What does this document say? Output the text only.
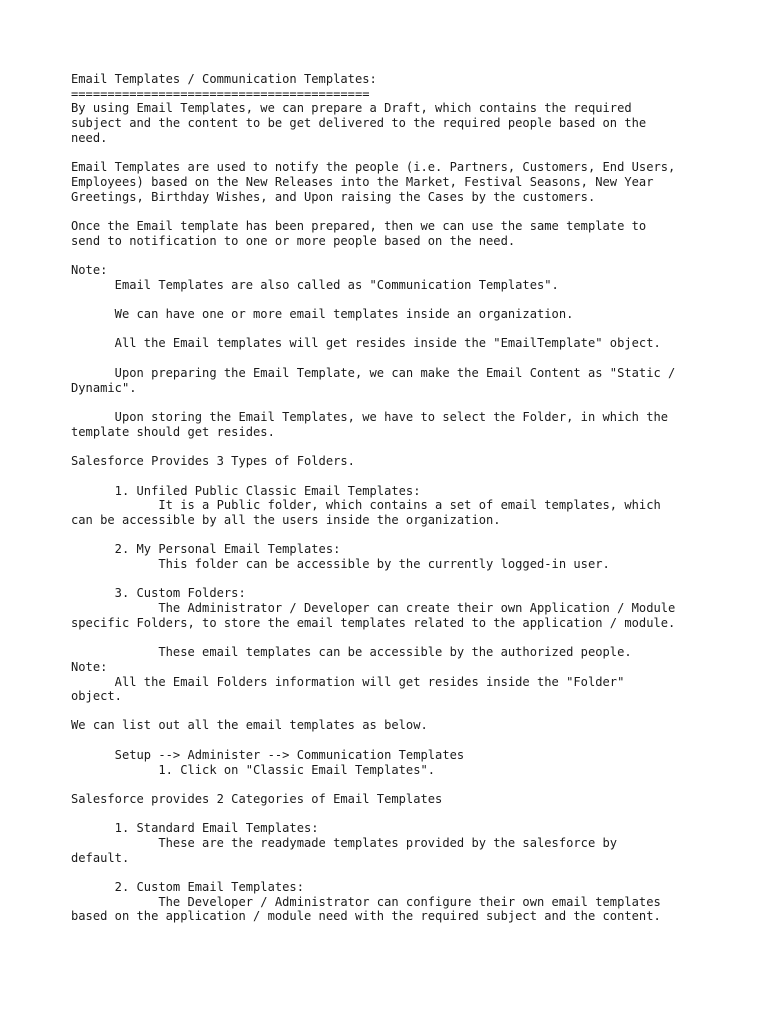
Email Templates / Communication Templates:
=========================================
By using Email Templates, we can prepare a Draft, which contains the required
subject and the content to be get delivered to the required people based on the
need.
Email Templates are used to notify the people (i.e. Partners, Customers, End Users,
Employees) based on the New Releases into the Market, Festival Seasons, New Year
Greetings, Birthday Wishes, and Upon raising the Cases by the customers.
Once the Email template has been prepared, then we can use the same template to
send to notification to one or more people based on the need.
Note:
Email Templates are also called as "Communication Templates".
We can have one or more email templates inside an organization.
All the Email templates will get resides inside the "EmailTemplate" object.
Upon preparing the Email Template, we can make the Email Content as "Static /
Dynamic".
Upon storing the Email Templates, we have to select the Folder, in which the
template should get resides.
Salesforce Provides 3 Types of Folders.
1. Unfiled Public Classic Email Templates:
It is a Public folder, which contains a set of email templates, which
can be accessible by all the users inside the organization.
2. My Personal Email Templates:
This folder can be accessible by the currently logged-in user.
3. Custom Folders:
The Administrator / Developer can create their own Application / Module
specific Folders, to store the email templates related to the application / module.
These email templates can be accessible by the authorized people.
Note:
All the Email Folders information will get resides inside the "Folder"
object.
We can list out all the email templates as below.
Setup --> Administer --> Communication Templates
1. Click on "Classic Email Templates".
Salesforce provides 2 Categories of Email Templates
1. Standard Email Templates:
These are the readymade templates provided by the salesforce by
default.
2. Custom Email Templates:
The Developer / Administrator can configure their own email templates
based on the application / module need with the required subject and the content.
